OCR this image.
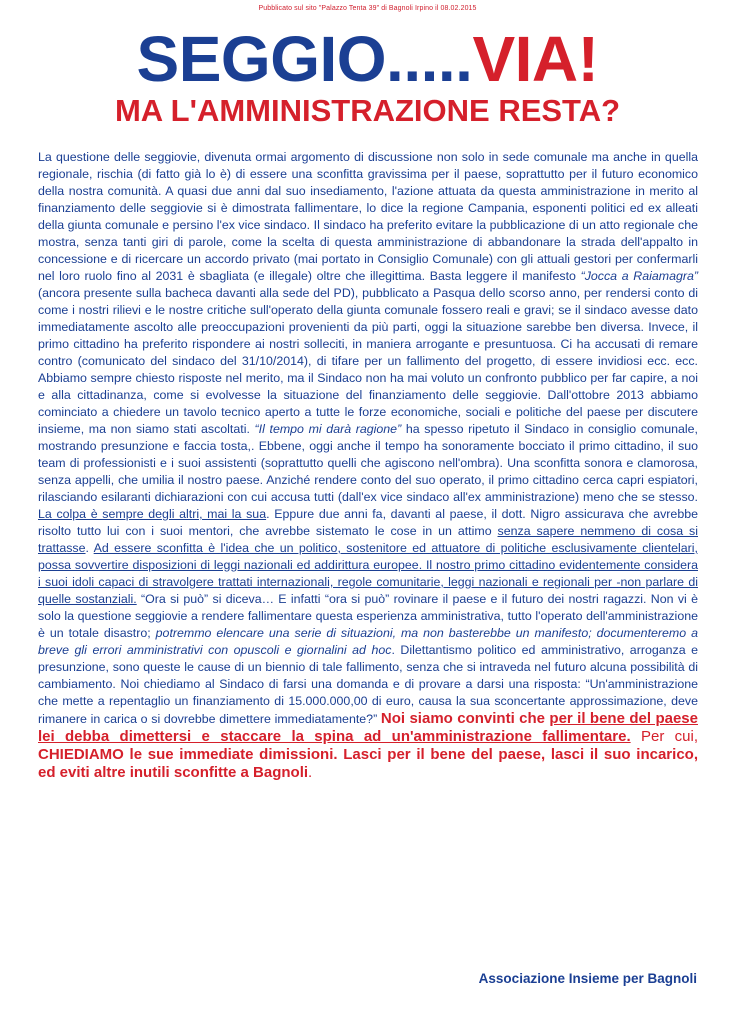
Pubblicato sul sito "Palazzo Tenta 39" di Bagnoli Irpino il 08.02.2015
SEGGIO.....VIA!
MA L'AMMINISTRAZIONE RESTA?

La questione delle seggiovie, divenuta ormai argomento di discussione non solo in sede comunale ma anche in quella regionale, rischia (di fatto già lo è) di essere una sconfitta gravissima per il paese, soprattutto per il futuro economico della nostra comunità. A quasi due anni dal suo insediamento, l'azione attuata da questa amministrazione in merito al finanziamento delle seggiovie si è dimostrata fallimentare, lo dice la regione Campania, esponenti politici ed ex alleati della giunta comunale e persino l'ex vice sindaco. Il sindaco ha preferito evitare la pubblicazione di un atto regionale che mostra, senza tanti giri di parole, come la scelta di questa amministrazione di abbandonare la strada dell'appalto in concessione e di ricercare un accordo privato (mai portato in Consiglio Comunale) con gli attuali gestori per confermarli nel loro ruolo fino al 2031 è sbagliata (e illegale) oltre che illegittima. Basta leggere il manifesto “Jocca a Raiamagra” (ancora presente sulla bacheca davanti alla sede del PD), pubblicato a Pasqua dello scorso anno, per rendersi conto di come i nostri rilievi e le nostre critiche sull'operato della giunta comunale fossero reali e gravi; se il sindaco avesse dato immediatamente ascolto alle preoccupazioni provenienti da più parti, oggi la situazione sarebbe ben diversa. Invece, il primo cittadino ha preferito rispondere ai nostri solleciti, in maniera arrogante e presuntuosa. Ci ha accusati di remare contro (comunicato del sindaco del 31/10/2014), di tifare per un fallimento del progetto, di essere invidiosi ecc. ecc. Abbiamo sempre chiesto risposte nel merito, ma il Sindaco non ha mai voluto un confronto pubblico per far capire, a noi e alla cittadinanza, come si evolvesse la situazione del finanziamento delle seggiovie. Dall'ottobre 2013 abbiamo cominciato a chiedere un tavolo tecnico aperto a tutte le forze economiche, sociali e politiche del paese per discutere insieme, ma non siamo stati ascoltati. “Il tempo mi darà ragione” ha spesso ripetuto il Sindaco in consiglio comunale, mostrando presunzione e faccia tosta,. Ebbene, oggi anche il tempo ha sonoramente bocciato il primo cittadino, il suo team di professionisti e i suoi assistenti (soprattutto quelli che agiscono nell'ombra). Una sconfitta sonora e clamorosa, senza appelli, che umilia il nostro paese. Anziché rendere conto del suo operato, il primo cittadino cerca capri espiatori, rilasciando esilaranti dichiarazioni con cui accusa tutti (dall'ex vice sindaco all'ex amministrazione) meno che se stesso. La colpa è sempre degli altri, mai la sua. Eppure due anni fa, davanti al paese, il dott. Nigro assicurava che avrebbe risolto tutto lui con i suoi mentori, che avrebbe sistemato le cose in un attimo senza sapere nemmeno di cosa si trattasse. Ad essere sconfitta è l'idea che un politico, sostenitore ed attuatore di politiche esclusivamente clientelari, possa sovvertire disposizioni di leggi nazionali ed addirittura europee. Il nostro primo cittadino evidentemente considera i suoi idoli capaci di stravolgere trattati internazionali, regole comunitarie, leggi nazionali e regionali per -non parlare di quelle sostanziali. “Ora si può” si diceva… E infatti “ora si può” rovinare il paese e il futuro dei nostri ragazzi. Non vi è solo la questione seggiovie a rendere fallimentare questa esperienza amministrativa, tutto l'operato dell'amministrazione è un totale disastro; potremmo elencare una serie di situazioni, ma non basterebbe un manifesto; documenteremo a breve gli errori amministrativi con opuscoli e giornalini ad hoc. Dilettantismo politico ed amministrativo, arroganza e presunzione, sono queste le cause di un biennio di tale fallimento, senza che si intraveda nel futuro alcuna possibilità di cambiamento. Noi chiediamo al Sindaco di farsi una domanda e di provare a darsi una risposta: “Un'amministrazione che mette a repentaglio un finanziamento di 15.000.000,00 di euro, causa la sua sconcertante approssimazione, deve rimanere in carica o si dovrebbe dimettere immediatamente?” Noi siamo convinti che per il bene del paese lei debba dimettersi e staccare la spina ad un'amministrazione fallimentare. Per cui, CHIEDIAMO le sue immediate dimissioni. Lasci per il bene del paese, lasci il suo incarico, ed eviti altre inutili sconfitte a Bagnoli.

Associazione Insieme per Bagnoli
